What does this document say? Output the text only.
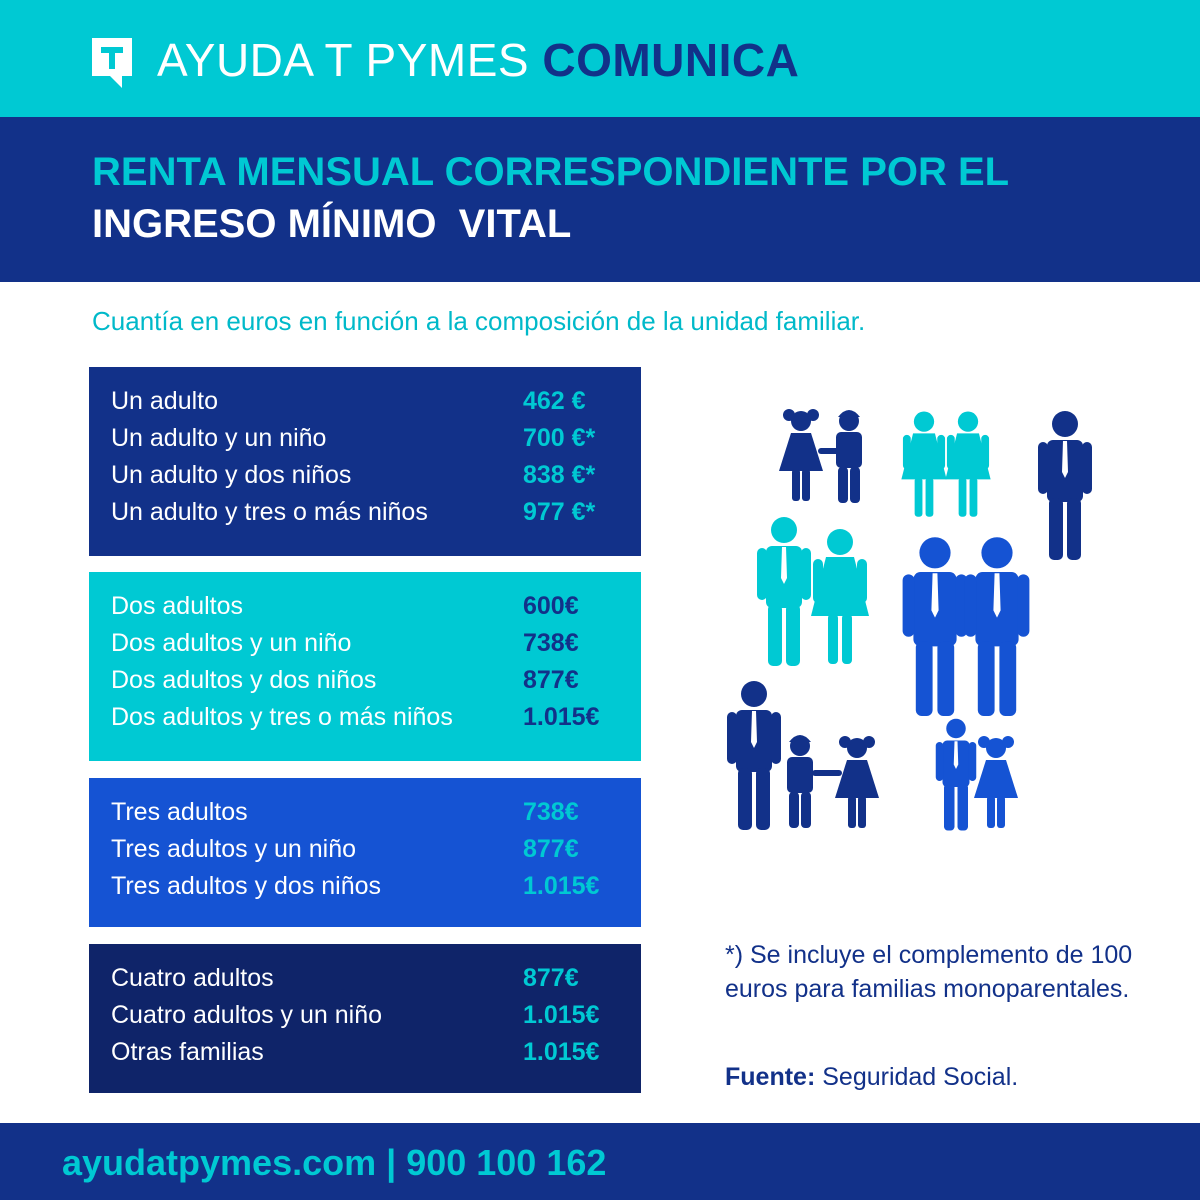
AYUDA T PYMES COMUNICA
RENTA MENSUAL CORRESPONDIENTE POR EL
INGRESO MÍNIMO  VITAL
Cuantía en euros en función a la composición de la unidad familiar.
Un adulto	462 €
Un adulto y un niño	700 €*
Un adulto y dos niños	838 €*
Un adulto y tres o más niños	977 €*
Dos adultos	600€
Dos adultos y un niño	738€
Dos adultos y dos niños	877€
Dos adultos y tres o más niños	1.015€
Tres adultos	738€
Tres adultos y un niño	877€
Tres adultos y dos niños	1.015€
Cuatro adultos	877€
Cuatro adultos y un niño	1.015€
Otras familias	1.015€
*) Se incluye el complemento de 100 euros para familias monoparentales.
Fuente: Seguridad Social.
ayudatpymes.com | 900 100 162
